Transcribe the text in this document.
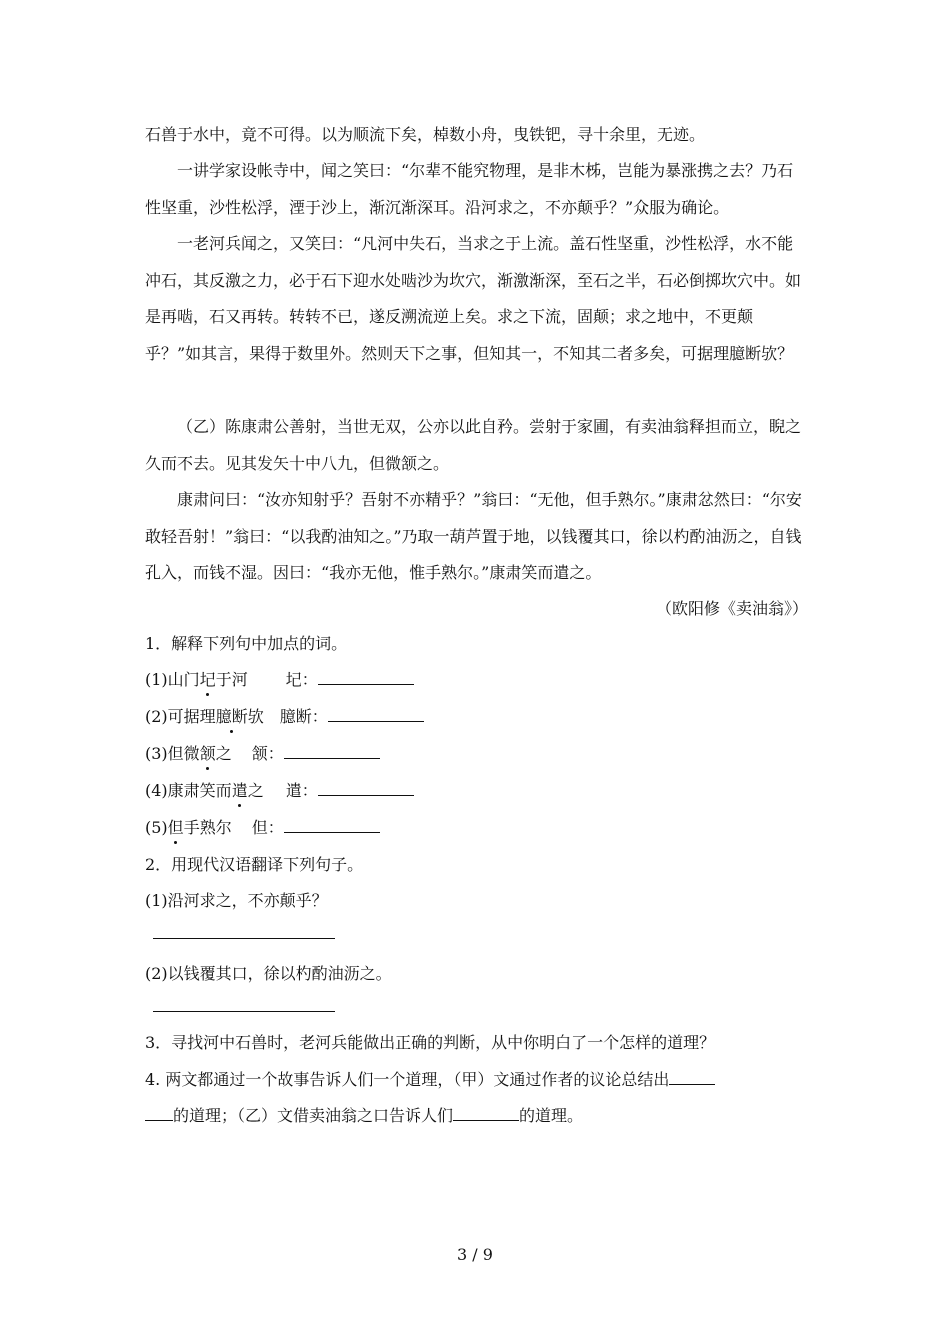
石兽于水中，竟不可得。以为顺流下矣，棹数小舟，曳铁钯，寻十余里，无迹。

一讲学家设帐寺中，闻之笑曰：“尔辈不能究物理，是非木柹，岂能为暴涨携之去？乃石性坚重，沙性松浮，湮于沙上，渐沉渐深耳。沿河求之，不亦颠乎？”众服为确论。

一老河兵闻之，又笑曰：“凡河中失石，当求之于上流。盖石性坚重，沙性松浮，水不能冲石，其反激之力，必于石下迎水处啮沙为坎穴，渐激渐深，至石之半，石必倒掷坎穴中。如是再啮，石又再转。转转不已，遂反溯流逆上矣。求之下流，固颠；求之地中，不更颠乎？”如其言，果得于数里外。然则天下之事，但知其一，不知其二者多矣，可据理臆断欤？

（乙）陈康肃公善射，当世无双，公亦以此自矜。尝射于家圃，有卖油翁释担而立，睨之久而不去。见其发矢十中八九，但微颔之。

康肃问曰：“汝亦知射乎？吾射不亦精乎？”翁曰：“无他，但手熟尔。”康肃忿然曰：“尔安敢轻吾射！”翁曰：“以我酌油知之。”乃取一葫芦置于地，以钱覆其口，徐以杓酌油沥之，自钱孔入，而钱不湿。因曰：“我亦无他，惟手熟尔。”康肃笑而遣之。

（欧阳修《卖油翁》）
1．解释下列句中加点的词。
(1)山门圮于河 圮：
(2)可据理臆断欤 臆断：
(3)但微颔之 颔：
(4)康肃笑而遣之 遣：
(5)但手熟尔 但：
2．用现代汉语翻译下列句子。
(1)沿河求之，不亦颠乎？
(2)以钱覆其口，徐以杓酌油沥之。
3．寻找河中石兽时，老河兵能做出正确的判断，从中你明白了一个怎样的道理？
4. 两文都通过一个故事告诉人们一个道理，（甲）文通过作者的议论总结出
的道理；（乙）文借卖油翁之口告诉人们	的道理。
3 / 9
